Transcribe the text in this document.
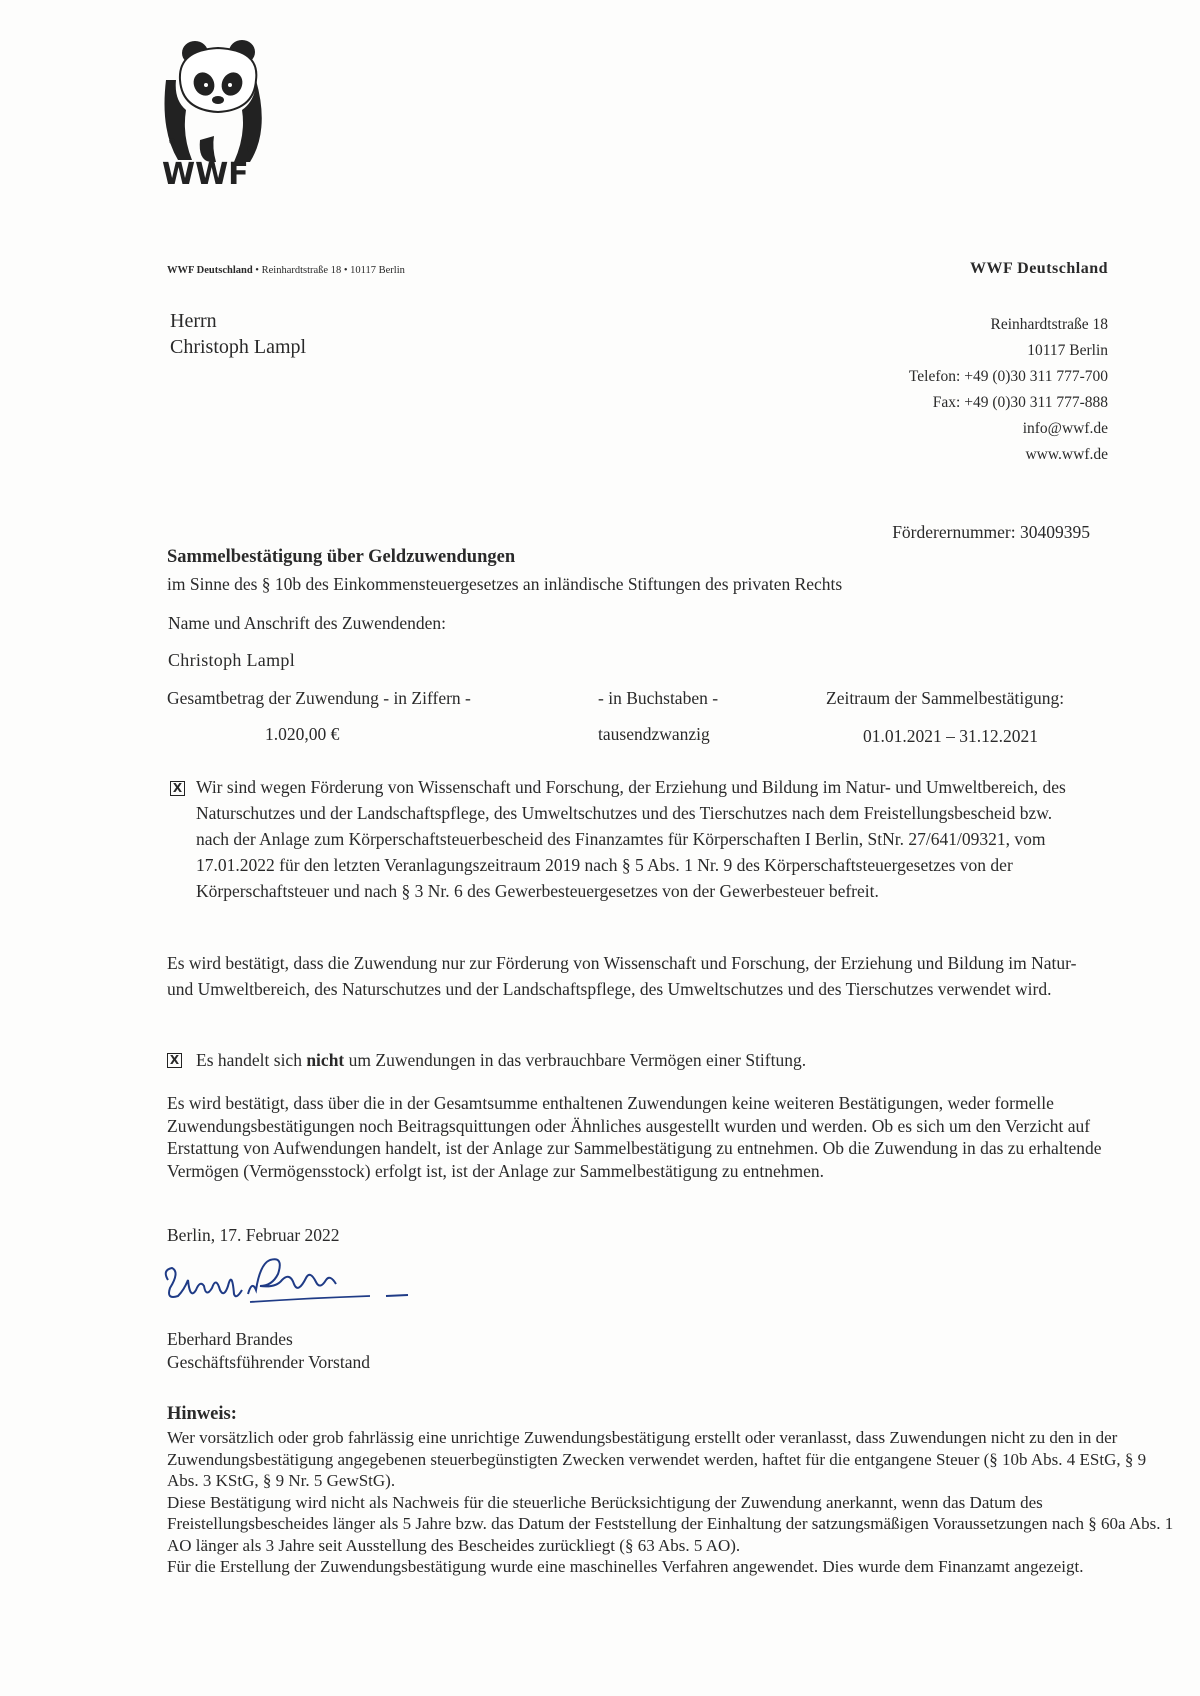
®
®
WWF
WWF Deutschland • Reinhardtstraße 18 • 10117 Berlin	WWF Deutschland
Herrn
Christoph Lampl
Reinhardtstraße 18
10117 Berlin
Telefon: +49 (0)30 311 777-700
Fax: +49 (0)30 311 777-888
info@wwf.de
www.wwf.de
Förderernummer: 30409395
Sammelbestätigung über Geldzuwendungen
im Sinne des § 10b des Einkommensteuergesetzes an inländische Stiftungen des privaten Rechts
Name und Anschrift des Zuwendenden:
Christoph Lampl
Gesamtbetrag der Zuwendung - in Ziffern -	- in Buchstaben -	Zeitraum der Sammelbestätigung:
1.020,00 €	tausendzwanzig	01.01.2021 – 31.12.2021
X Wir sind wegen Förderung von Wissenschaft und Forschung, der Erziehung und Bildung im Natur- und Umweltbereich, des Naturschutzes und der Landschaftspflege, des Umweltschutzes und des Tierschutzes nach dem Freistellungsbescheid bzw. nach der Anlage zum Körperschaftsteuerbescheid des Finanzamtes für Körperschaften I Berlin, StNr. 27/641/09321, vom 17.01.2022 für den letzten Veranlagungszeitraum 2019 nach § 5 Abs. 1 Nr. 9 des Körperschaftsteuergesetzes von der Körperschaftsteuer und nach § 3 Nr. 6 des Gewerbesteuergesetzes von der Gewerbesteuer befreit.
Es wird bestätigt, dass die Zuwendung nur zur Förderung von Wissenschaft und Forschung, der Erziehung und Bildung im Natur- und Umweltbereich, des Naturschutzes und der Landschaftspflege, des Umweltschutzes und des Tierschutzes verwendet wird.
X Es handelt sich nicht um Zuwendungen in das verbrauchbare Vermögen einer Stiftung.
Es wird bestätigt, dass über die in der Gesamtsumme enthaltenen Zuwendungen keine weiteren Bestätigungen, weder formelle Zuwendungsbestätigungen noch Beitragsquittungen oder Ähnliches ausgestellt wurden und werden. Ob es sich um den Verzicht auf Erstattung von Aufwendungen handelt, ist der Anlage zur Sammelbestätigung zu entnehmen. Ob die Zuwendung in das zu erhaltende Vermögen (Vermögensstock) erfolgt ist, ist der Anlage zur Sammelbestätigung zu entnehmen.
Berlin, 17. Februar 2022
Eberhard Brandes
Geschäftsführender Vorstand
Hinweis:
Wer vorsätzlich oder grob fahrlässig eine unrichtige Zuwendungsbestätigung erstellt oder veranlasst, dass Zuwendungen nicht zu den in der Zuwendungsbestätigung angegebenen steuerbegünstigten Zwecken verwendet werden, haftet für die entgangene Steuer (§ 10b Abs. 4 EStG, § 9 Abs. 3 KStG, § 9 Nr. 5 GewStG).
Diese Bestätigung wird nicht als Nachweis für die steuerliche Berücksichtigung der Zuwendung anerkannt, wenn das Datum des Freistellungsbescheides länger als 5 Jahre bzw. das Datum der Feststellung der Einhaltung der satzungsmäßigen Voraussetzungen nach § 60a Abs. 1 AO länger als 3 Jahre seit Ausstellung des Bescheides zurückliegt (§ 63 Abs. 5 AO).
Für die Erstellung der Zuwendungsbestätigung wurde eine maschinelles Verfahren angewendet. Dies wurde dem Finanzamt angezeigt.
